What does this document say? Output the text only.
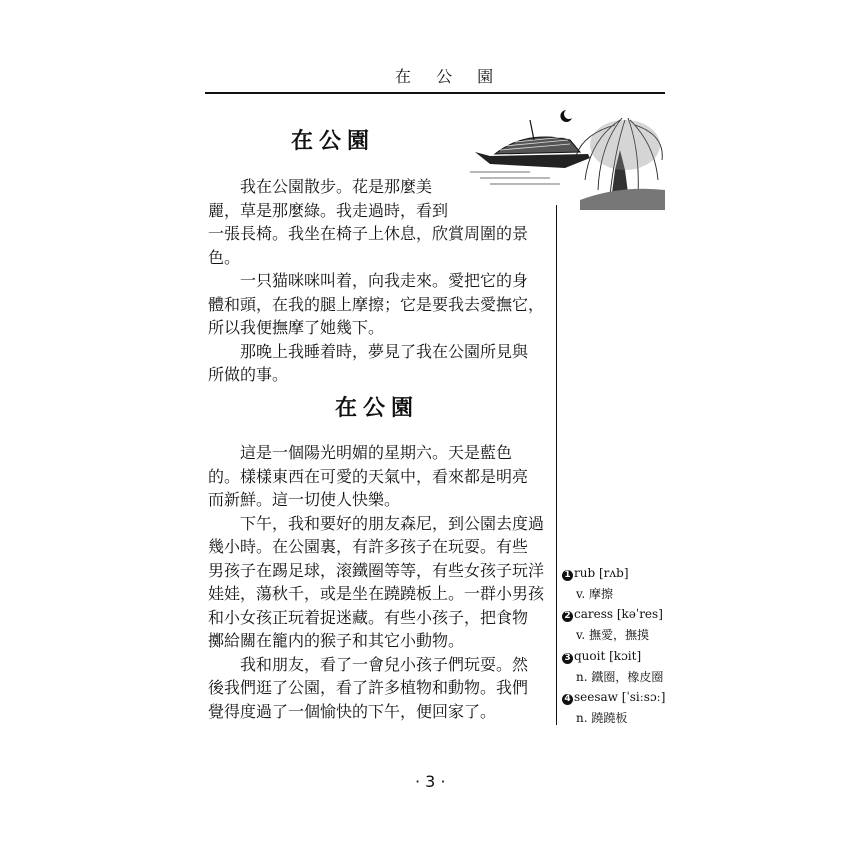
在 公 園
在公園
　　我在公園散步。花是那麼美
麗，草是那麼綠。我走過時，看到
一張長椅。我坐在椅子上休息，欣賞周圍的景
色。
　　一只猫咪咪叫着，向我走來。愛把它的身
體和頭，在我的腿上摩擦；它是要我去愛撫它，
所以我便撫摩了她幾下。
　　那晚上我睡着時，夢見了我在公園所見與
所做的事。
在公園
　　這是一個陽光明媚的星期六。天是藍色
的。樣樣東西在可愛的天氣中，看來都是明亮
而新鮮。這一切使人快樂。
　　下午，我和要好的朋友森尼，到公園去度過
幾小時。在公園裏，有許多孩子在玩耍。有些
男孩子在踢足球，滚鐵圈等等，有些女孩子玩洋
娃娃，蕩秋千，或是坐在蹺蹺板上。一群小男孩
和小女孩正玩着捉迷藏。有些小孩子，把食物
擲給關在籠内的猴子和其它小動物。
　　我和朋友，看了一會兒小孩子們玩耍。然
後我們逛了公園，看了許多植物和動物。我們
覺得度過了一個愉快的下午，便回家了。
1 rub [rʌb]
v. 摩擦
2 caress [kəˈres]
v. 撫愛，撫摸
3 quoit [kɔit]
n. 鐵圈，橡皮圈
4 seesaw [ˈsiːsɔː]
n. 蹺蹺板
· 3 ·
